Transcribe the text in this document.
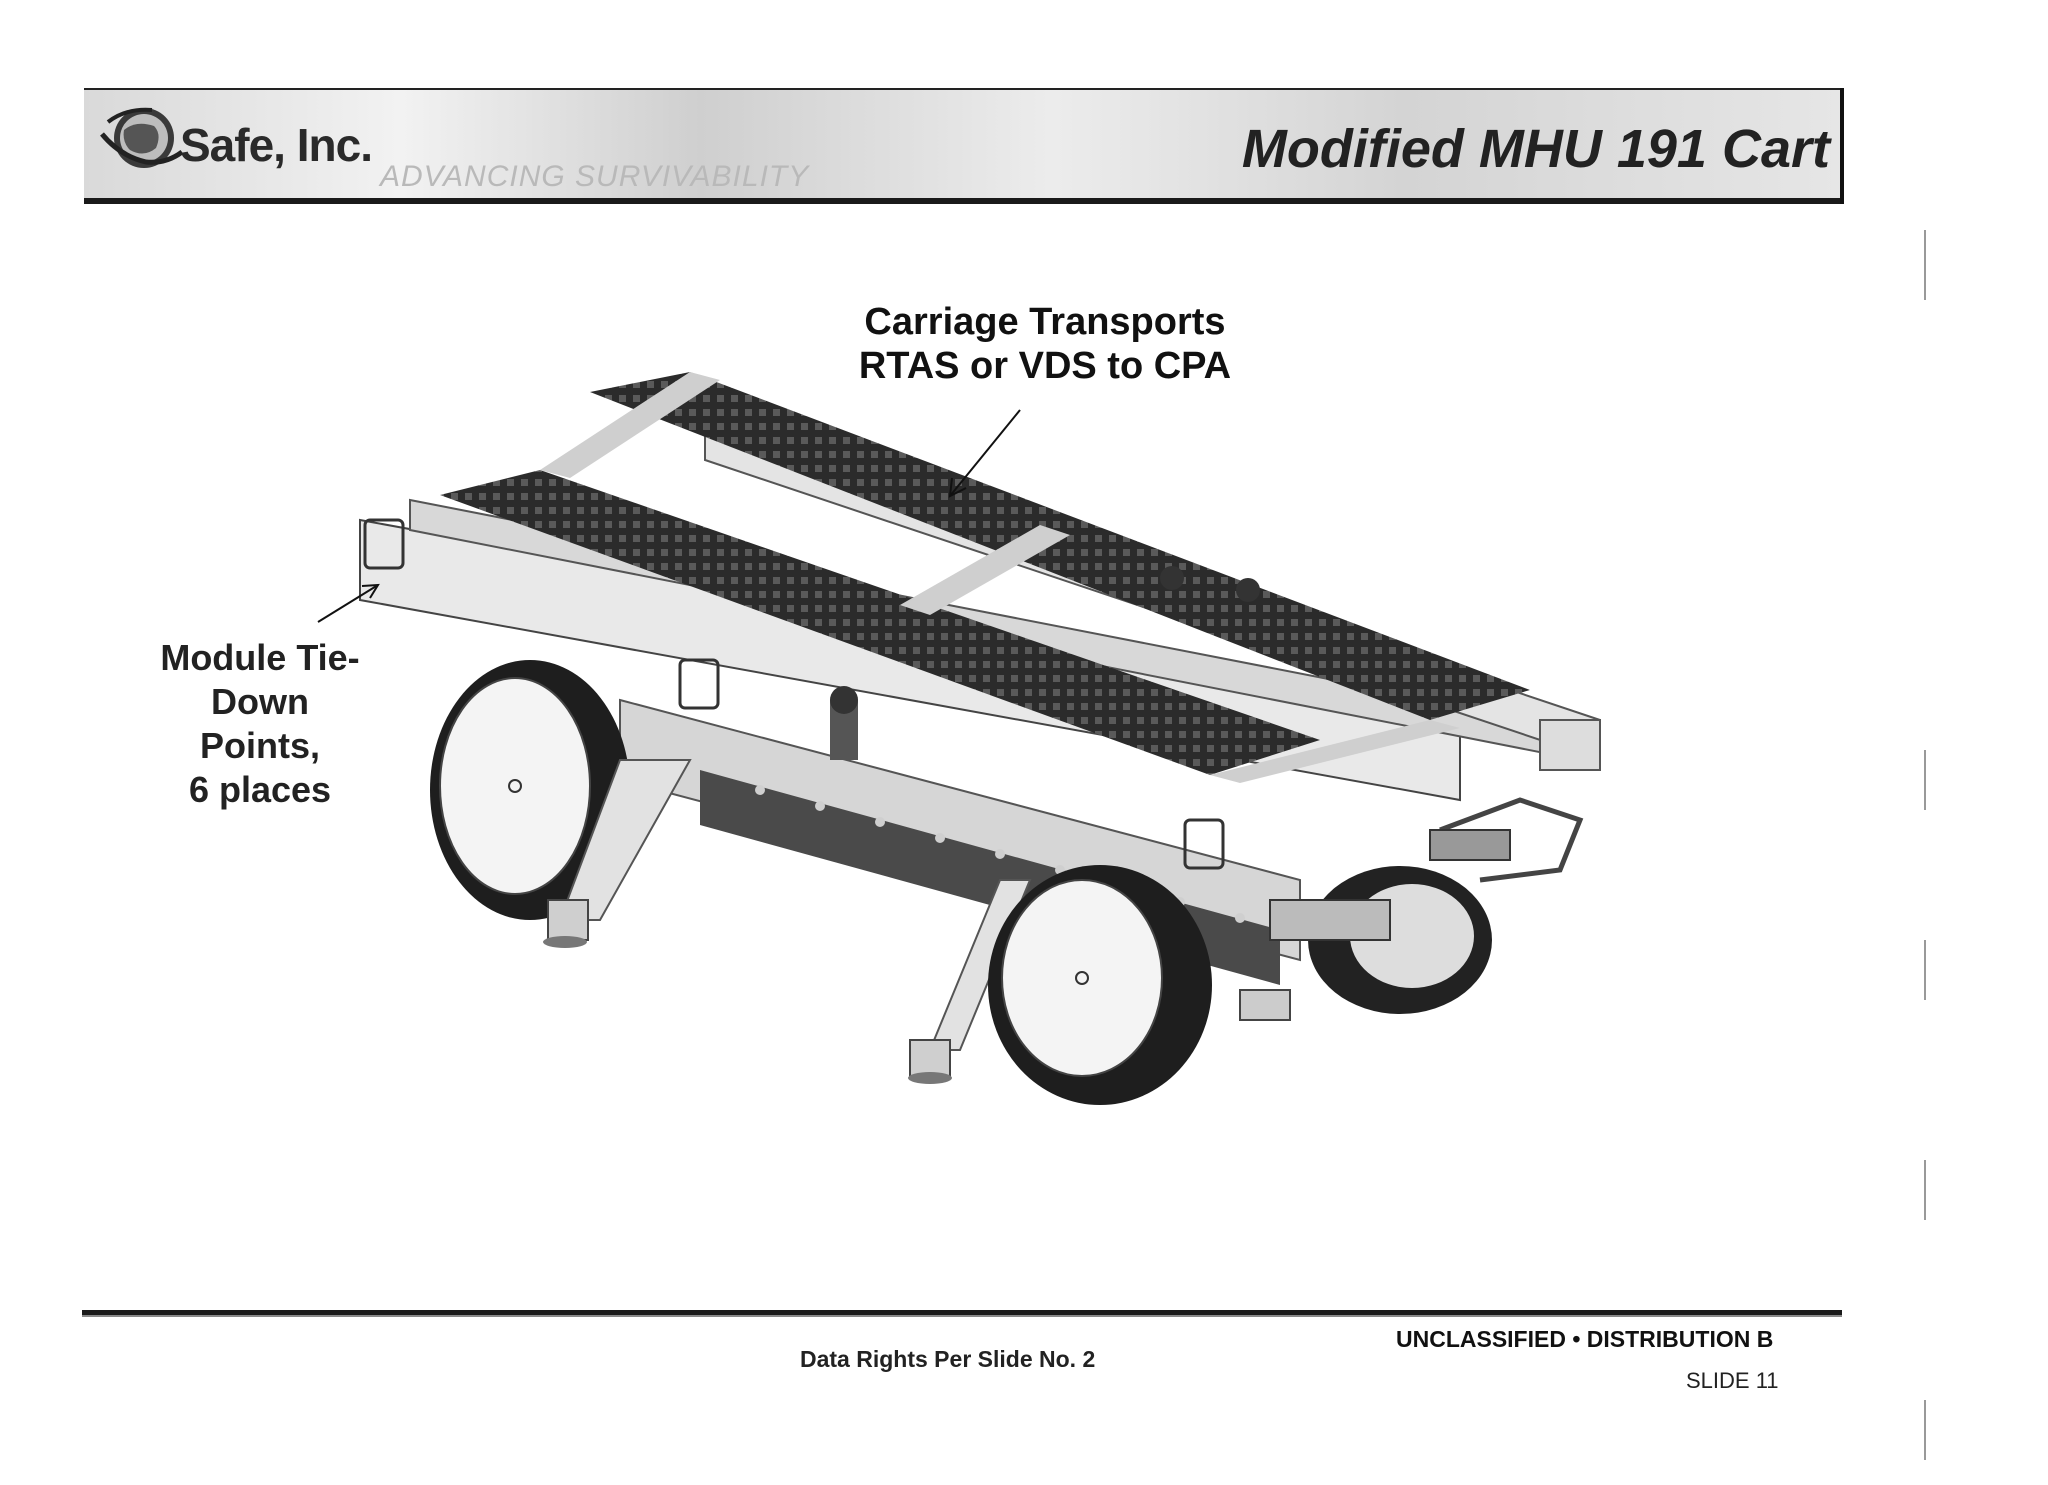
Safe, Inc.
ADVANCING SURVIVABILITY	Modified MHU 191 Cart
Carriage Transports
RTAS or VDS to CPA
Module Tie-
Down
Points,
6 places
Data Rights Per Slide No. 2
UNCLASSIFIED • DISTRIBUTION B
SLIDE 11
